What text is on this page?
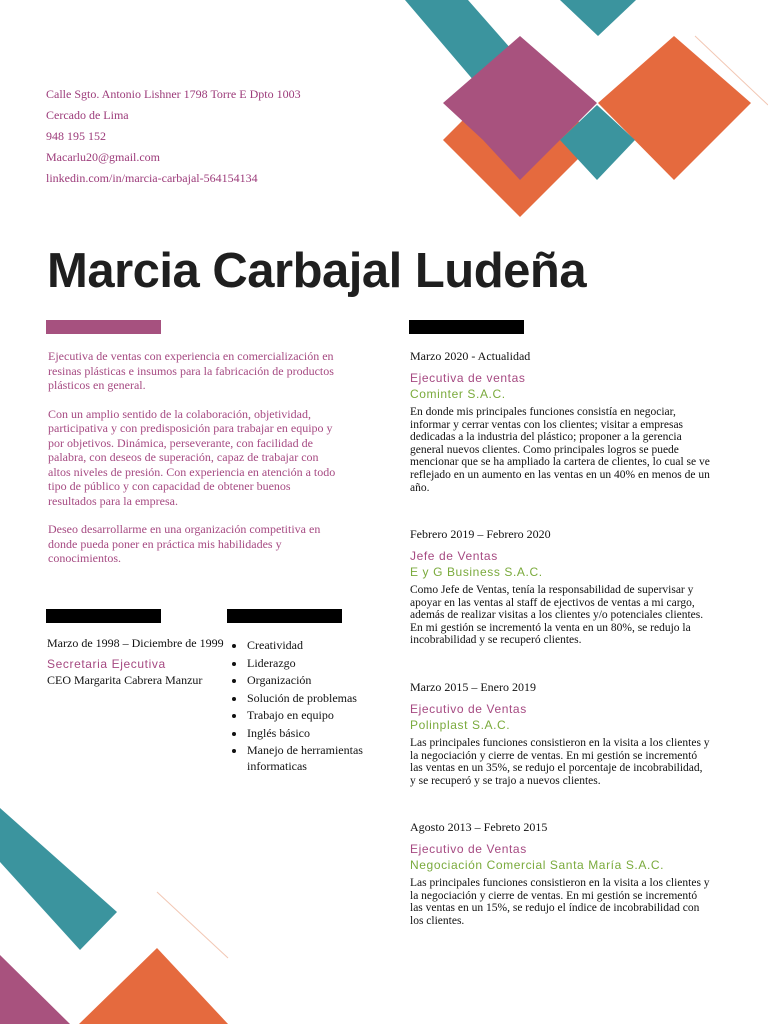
Calle Sgto. Antonio Lishner 1798 Torre E Dpto 1003
Cercado de Lima
948 195 152
Macarlu20@gmail.com
linkedin.com/in/marcia-carbajal-564154134
Marcia Carbajal Ludeña

Ejecutiva de ventas con experiencia en comercialización en resinas plásticas e insumos para la fabricación de productos plásticos en general.

Con un amplio sentido de la colaboración, objetividad, participativa y con predisposición para trabajar en equipo y por objetivos. Dinámica, perseverante, con facilidad de palabra, con deseos de superación, capaz de trabajar con altos niveles de presión. Con experiencia en atención a todo tipo de público y con capacidad de obtener buenos resultados para la empresa.

Deseo desarrollarme en una organización competitiva en donde pueda poner en práctica mis habilidades y conocimientos.

Marzo de 1998 – Diciembre de 1999
Secretaria Ejecutiva
CEO Margarita Cabrera Manzur
• Creatividad
• Liderazgo
• Organización
• Solución de problemas
• Trabajo en equipo
• Inglés básico
• Manejo de herramientas informaticas
Marzo 2020 - Actualidad
Ejecutiva de ventas
Cominter S.A.C.
En donde mis principales funciones consistía en negociar, informar y cerrar ventas con los clientes; visitar a empresas dedicadas a la industria del plástico; proponer a la gerencia general nuevos clientes. Como principales logros se puede mencionar que se ha ampliado la cartera de clientes, lo cual se ve reflejado en un aumento en las ventas en un 40% en menos de un año.
Febrero 2019 – Febrero 2020
Jefe de Ventas
E y G Business S.A.C.
Como Jefe de Ventas, tenía la responsabilidad de supervisar y apoyar en las ventas al staff de ejectivos de ventas a mi cargo, además de realizar visitas a los clientes y/o potenciales clientes. En mi gestión se incrementó la venta en un 80%, se redujo la incobrabilidad y se recuperó clientes.
Marzo 2015 – Enero 2019
Ejecutivo de Ventas
Polinplast S.A.C.
Las principales funciones consistieron en la visita a los clientes y la negociación y cierre de ventas. En mi gestión se incrementó las ventas en un 35%, se redujo el porcentaje de incobrabilidad, y se recuperó y se trajo a nuevos clientes.
Agosto 2013 – Febreto 2015
Ejecutivo de Ventas
Negociación Comercial Santa María S.A.C.
Las principales funciones consistieron en la visita a los clientes y la negociación y cierre de ventas. En mi gestión se incrementó las ventas en un 15%, se redujo el índice de incobrabilidad con los clientes.
